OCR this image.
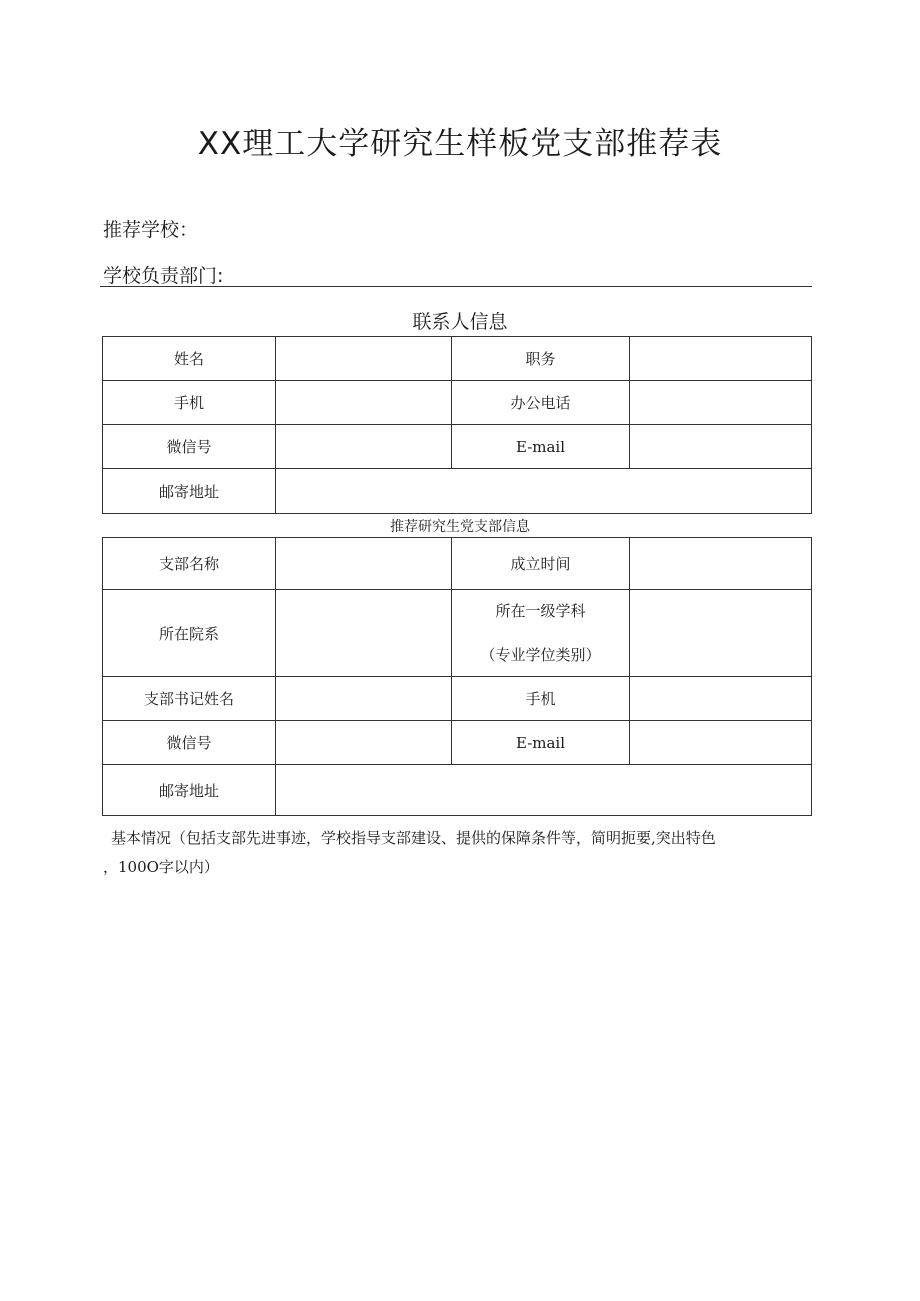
XX理工大学研究生样板党支部推荐表
推荐学校：
学校负责部门:
联系人信息
姓名		职务	
手机		办公电话	
微信号		E-mail	
邮寄地址			
推荐研究生党支部信息
支部名称		成立时间	
所在院系		所在一级学科
（专业学位类别）	

支部书记姓名		手机	
微信号		E-mail	
邮寄地址			

基本情况（包括支部先进事迹，学校指导支部建设、提供的保障条件等，简明扼要,突出特色

，100O字以内）
